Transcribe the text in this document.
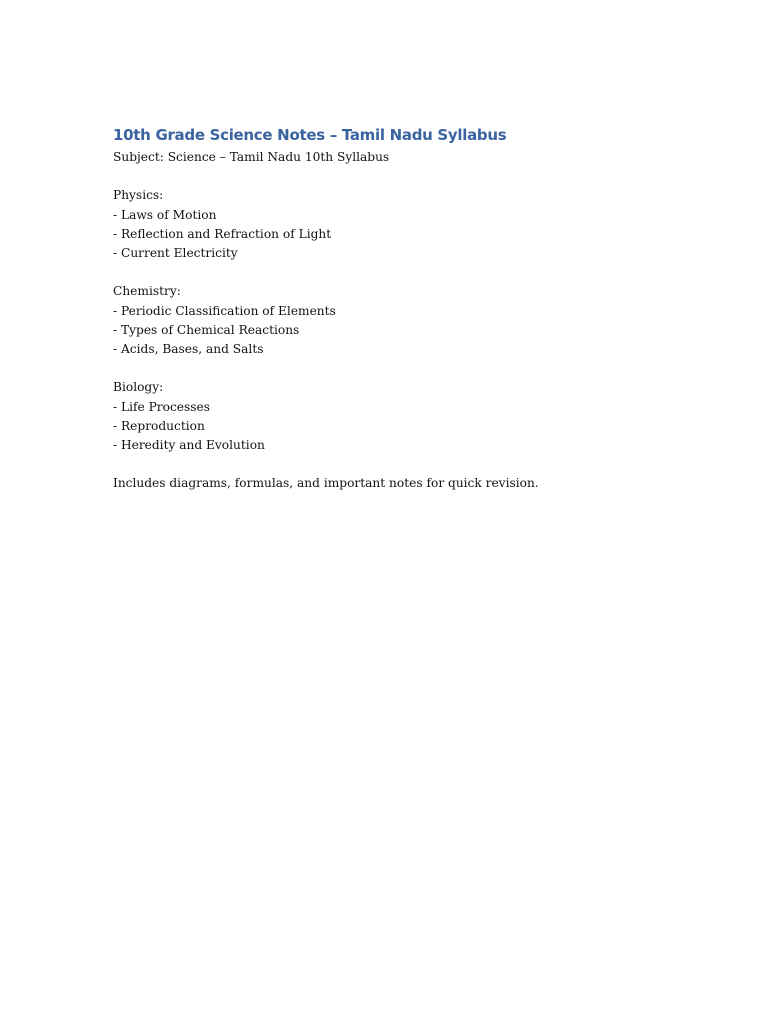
10th Grade Science Notes – Tamil Nadu Syllabus

Subject: Science – Tamil Nadu 10th Syllabus

Physics:

- Laws of Motion

- Reflection and Refraction of Light

- Current Electricity

Chemistry:

- Periodic Classification of Elements

- Types of Chemical Reactions

- Acids, Bases, and Salts

Biology:

- Life Processes

- Reproduction

- Heredity and Evolution

Includes diagrams, formulas, and important notes for quick revision.
